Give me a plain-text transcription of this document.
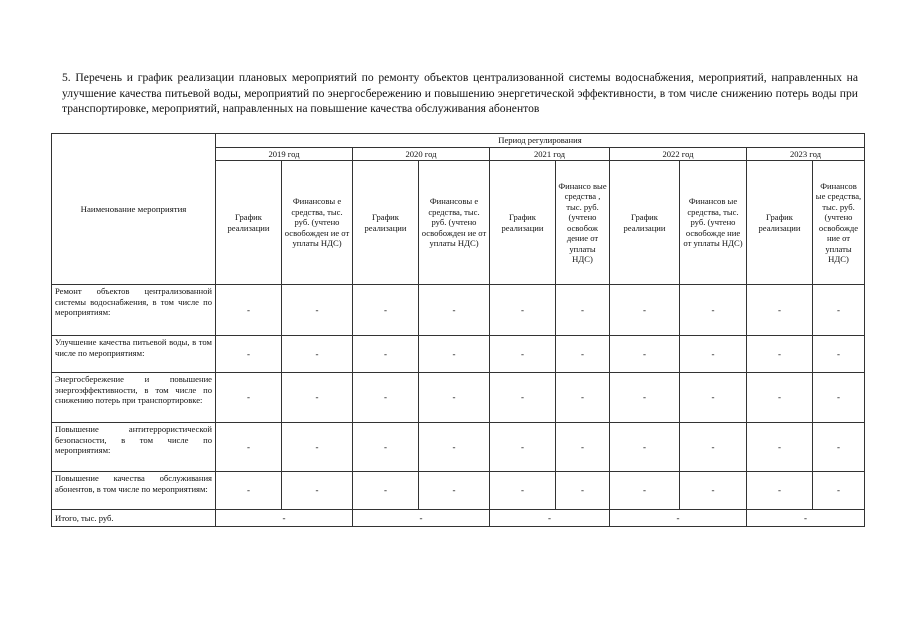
5. Перечень и график реализации плановых мероприятий по ремонту объектов централизованной системы водоснабжения, мероприятий, направленных на улучшение качества питьевой воды, мероприятий по энергосбережению и повышению энергетической эффективности, в том числе снижению потерь воды при транспортировке, мероприятий, направленных на повышение качества обслуживания абонентов
Наименование мероприятия	Период регулирования									
	2019 год		2020 год		2021 год		2022 год		2023 год	
	График реализации	Финансовы е средства, тыс. руб. (учтено освобожден ие от уплаты НДС)	График реализации	Финансовы е средства, тыс. руб. (учтено освобожден ие от уплаты НДС)	График реализации	Финансо вые средства , тыс. руб. (учтено освобож дение от уплаты НДС)	График реализации	Финансов ые средства, тыс. руб. (учтено освобожде ние от уплаты НДС)	График реализации	Финансов ые средства, тыс. руб. (учтено освобожде ние от уплаты НДС)
Ремонт объектов централизованной системы водоснабжения, в том числе по мероприятиям:	-	-	-	-	-	-	-	-	-	-
Улучшение качества питьевой воды, в том числе по мероприятиям:	-	-	-	-	-	-	-	-	-	-
Энергосбережение и повышение энергоэффективности, в том числе по снижению потерь при транспортировке:	-	-	-	-	-	-	-	-	-	-
Повышение антитеррористической безопасности, в том числе по мероприятиям:	-	-	-	-	-	-	-	-	-	-
Повышение качества обслуживания абонентов, в том числе по мероприятиям:	-	-	-	-	-	-	-	-	-	-
Итого, тыс. руб.	-		-		-		-		-	
